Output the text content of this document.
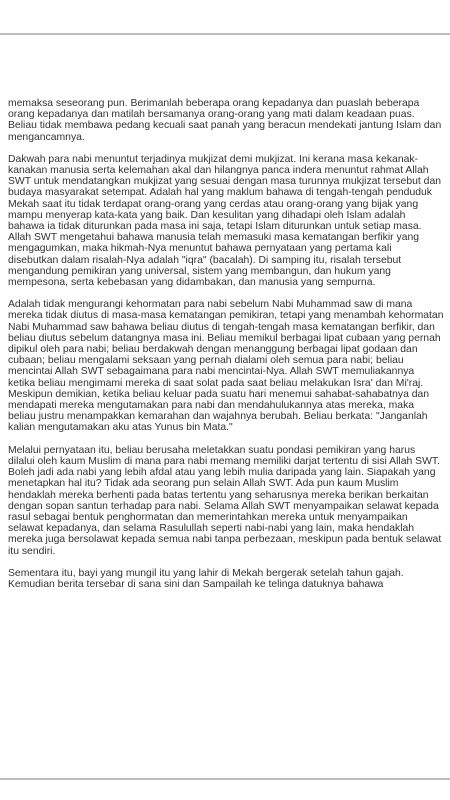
memaksa seseorang pun. Berimanlah beberapa orang kepadanya dan puaslah beberapa orang kepadanya dan matilah bersamanya orang-orang yang mati dalam keadaan puas. Beliau tidak membawa pedang kecuali saat panah yang beracun mendekati jantung Islam dan mengancamnya.

Dakwah para nabi menuntut terjadinya mukjizat demi mukjizat. Ini kerana masa kekanak-kanakan manusia serta kelemahan akal dan hilangnya panca indera menuntut rahmat Allah SWT untuk mendatangkan mukjizat yang sesuai dengan masa turunnya mukjizat tersebut dan budaya masyarakat setempat. Adalah hal yang maklum bahawa di tengah-tengah penduduk Mekah saat itu tidak terdapat orang-orang yang cerdas atau orang-orang yang bijak yang mampu menyerap kata-kata yang baik. Dan kesulitan yang dihadapi oleh Islam adalah bahawa ia tidak diturunkan pada masa ini saja, tetapi Islam diturunkan untuk setiap masa. Allah SWT mengetahui bahawa manusia telah memasuki masa kematangan berfikir yang mengagumkan, maka hikmah-Nya menuntut bahawa pernyataan yang pertama kali disebutkan dalam risalah-Nya adalah "iqra" (bacalah). Di samping itu, risalah tersebut mengandung pemikiran yang universal, sistem yang membangun, dan hukum yang mempesona, serta kebebasan yang didambakan, dan manusia yang sempurna.

Adalah tidak mengurangi kehormatan para nabi sebelum Nabi Muhammad saw di mana mereka tidak diutus di masa-masa kematangan pemikiran, tetapi yang menambah kehormatan Nabi Muhammad saw bahawa beliau diutus di tengah-tengah masa kematangan berfikir, dan beliau diutus sebelum datangnya masa ini. Beliau memikul berbagai lipat cubaan yang pernah dipikul oleh para nabi; beliau berdakwah dengan menanggung berbagai lipat godaan dan cubaan; beliau mengalami seksaan yang pernah dialami oleh semua para nabi; beliau mencintai Allah SWT sebagaimana para nabi mencintai-Nya. Allah SWT memuliakannya ketika beliau mengimami mereka di saat solat pada saat beliau melakukan Isra' dan Mi'raj. Meskipun demikian, ketika beliau keluar pada suatu hari menemui sahabat-sahabatnya dan mendapati mereka mengutamakan para nabi dan mendahulukannya atas mereka, maka beliau justru menampakkan kemarahan dan wajahnya berubah. Beliau berkata: "Janganlah kalian mengutamakan aku atas Yunus bin Mata."

Melalui pernyataan itu, beliau berusaha meletakkan suatu pondasi pemikiran yang harus dilalui oleh kaum Muslim di mana para nabi memang memiliki darjat tertentu di sisi Allah SWT. Boleh jadi ada nabi yang lebih afdal atau yang lebih mulia daripada yang lain. Siapakah yang menetapkan hal itu? Tidak ada seorang pun selain Allah SWT. Ada pun kaum Muslim hendaklah mereka berhenti pada batas tertentu yang seharusnya mereka berikan berkaitan dengan sopan santun terhadap para nabi. Selama Allah SWT menyampaikan selawat kepada rasul sebagai bentuk penghormatan dan memerintahkan mereka untuk menyampaikan selawat kepadanya, dan selama Rasulullah seperti nabi-nabi yang lain, maka hendaklah mereka juga bersolawat kepada semua nabi tanpa perbezaan, meskipun pada bentuk selawat itu sendiri.

Sementara itu, bayi yang mungil itu yang lahir di Mekah bergerak setelah tahun gajah. Kemudian berita tersebar di sana sini dan Sampailah ke telinga datuknya bahawa
